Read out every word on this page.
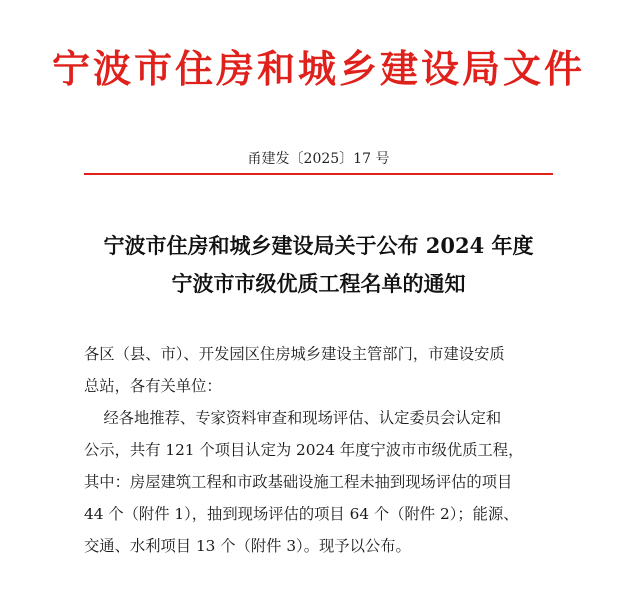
宁波市住房和城乡建设局文件
甬建发〔2025〕17 号
宁波市住房和城乡建设局关于公布 2024 年度
宁波市市级优质工程名单的通知
各区（县、市）、开发园区住房城乡建设主管部门，市建设安质
总站，各有关单位：
经各地推荐、专家资料审查和现场评估、认定委员会认定和
公示，共有 121 个项目认定为 2024 年度宁波市市级优质工程，
其中：房屋建筑工程和市政基础设施工程未抽到现场评估的项目
44 个（附件 1），抽到现场评估的项目 64 个（附件 2）；能源、
交通、水利项目 13 个（附件 3）。现予以公布。
